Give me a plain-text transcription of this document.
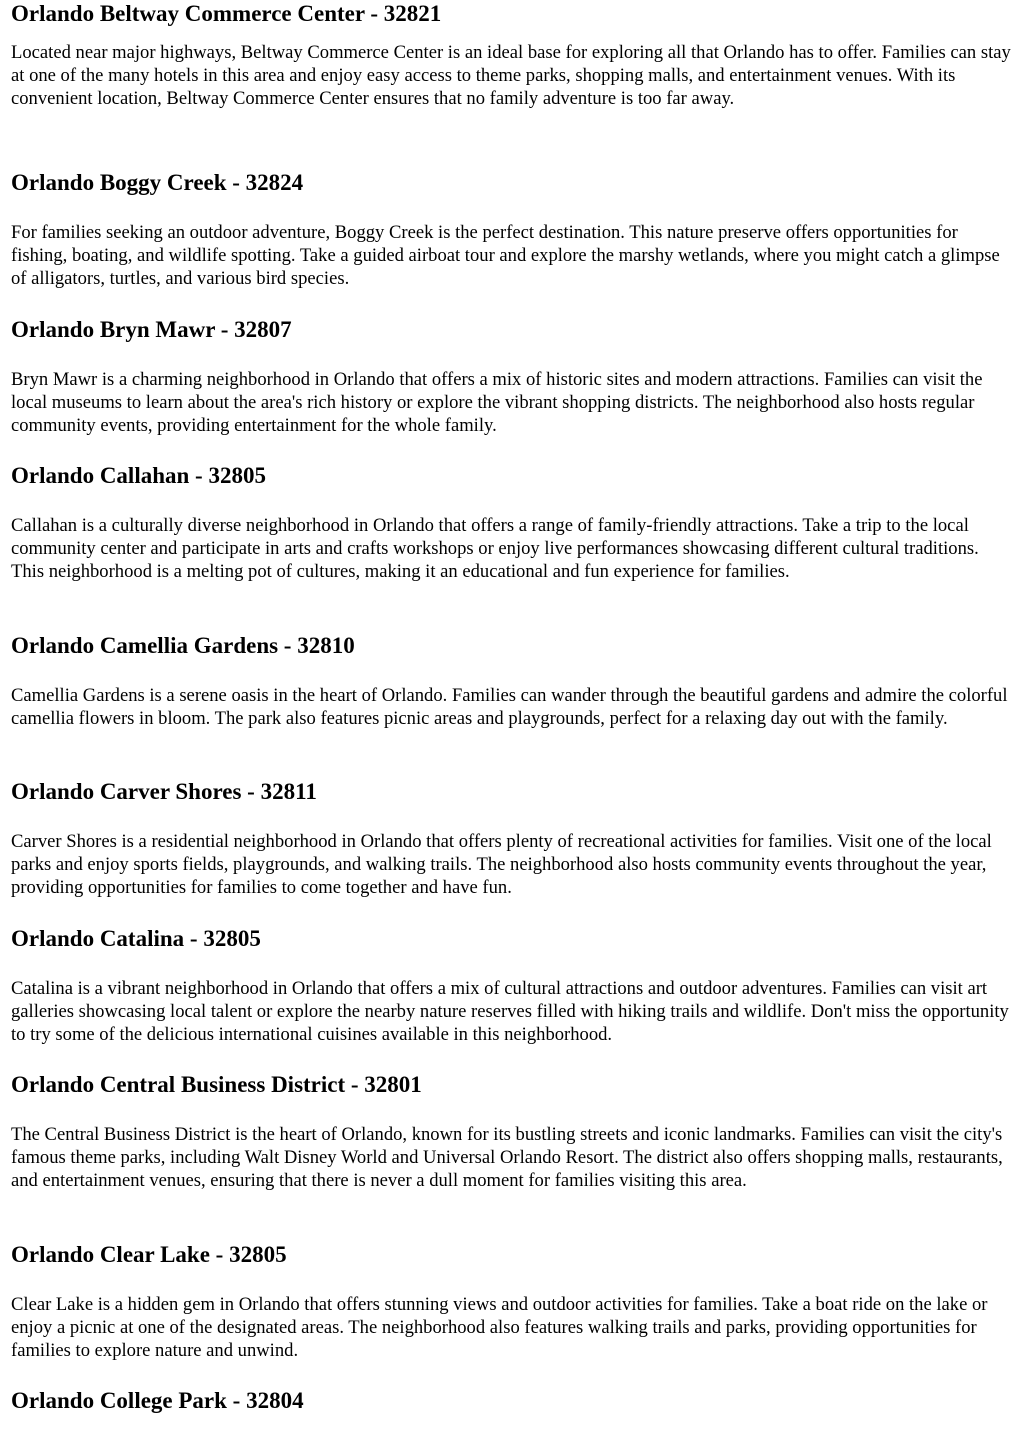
Orlando Beltway Commerce Center - 32821

Located near major highways, Beltway Commerce Center is an ideal base for exploring all that Orlando has to offer. Families can stay at one of the many hotels in this area and enjoy easy access to theme parks, shopping malls, and entertainment venues. With its convenient location, Beltway Commerce Center ensures that no family adventure is too far away.

Orlando Boggy Creek - 32824

For families seeking an outdoor adventure, Boggy Creek is the perfect destination. This nature preserve offers opportunities for fishing, boating, and wildlife spotting. Take a guided airboat tour and explore the marshy wetlands, where you might catch a glimpse of alligators, turtles, and various bird species.

Orlando Bryn Mawr - 32807

Bryn Mawr is a charming neighborhood in Orlando that offers a mix of historic sites and modern attractions. Families can visit the local museums to learn about the area's rich history or explore the vibrant shopping districts. The neighborhood also hosts regular community events, providing entertainment for the whole family.

Orlando Callahan - 32805

Callahan is a culturally diverse neighborhood in Orlando that offers a range of family-friendly attractions. Take a trip to the local community center and participate in arts and crafts workshops or enjoy live performances showcasing different cultural traditions. This neighborhood is a melting pot of cultures, making it an educational and fun experience for families.

Orlando Camellia Gardens - 32810

Camellia Gardens is a serene oasis in the heart of Orlando. Families can wander through the beautiful gardens and admire the colorful camellia flowers in bloom. The park also features picnic areas and playgrounds, perfect for a relaxing day out with the family.

Orlando Carver Shores - 32811

Carver Shores is a residential neighborhood in Orlando that offers plenty of recreational activities for families. Visit one of the local parks and enjoy sports fields, playgrounds, and walking trails. The neighborhood also hosts community events throughout the year, providing opportunities for families to come together and have fun.

Orlando Catalina - 32805

Catalina is a vibrant neighborhood in Orlando that offers a mix of cultural attractions and outdoor adventures. Families can visit art galleries showcasing local talent or explore the nearby nature reserves filled with hiking trails and wildlife. Don't miss the opportunity to try some of the delicious international cuisines available in this neighborhood.

Orlando Central Business District - 32801

The Central Business District is the heart of Orlando, known for its bustling streets and iconic landmarks. Families can visit the city's famous theme parks, including Walt Disney World and Universal Orlando Resort. The district also offers shopping malls, restaurants, and entertainment venues, ensuring that there is never a dull moment for families visiting this area.

Orlando Clear Lake - 32805

Clear Lake is a hidden gem in Orlando that offers stunning views and outdoor activities for families. Take a boat ride on the lake or enjoy a picnic at one of the designated areas. The neighborhood also features walking trails and parks, providing opportunities for families to explore nature and unwind.

Orlando College Park - 32804
